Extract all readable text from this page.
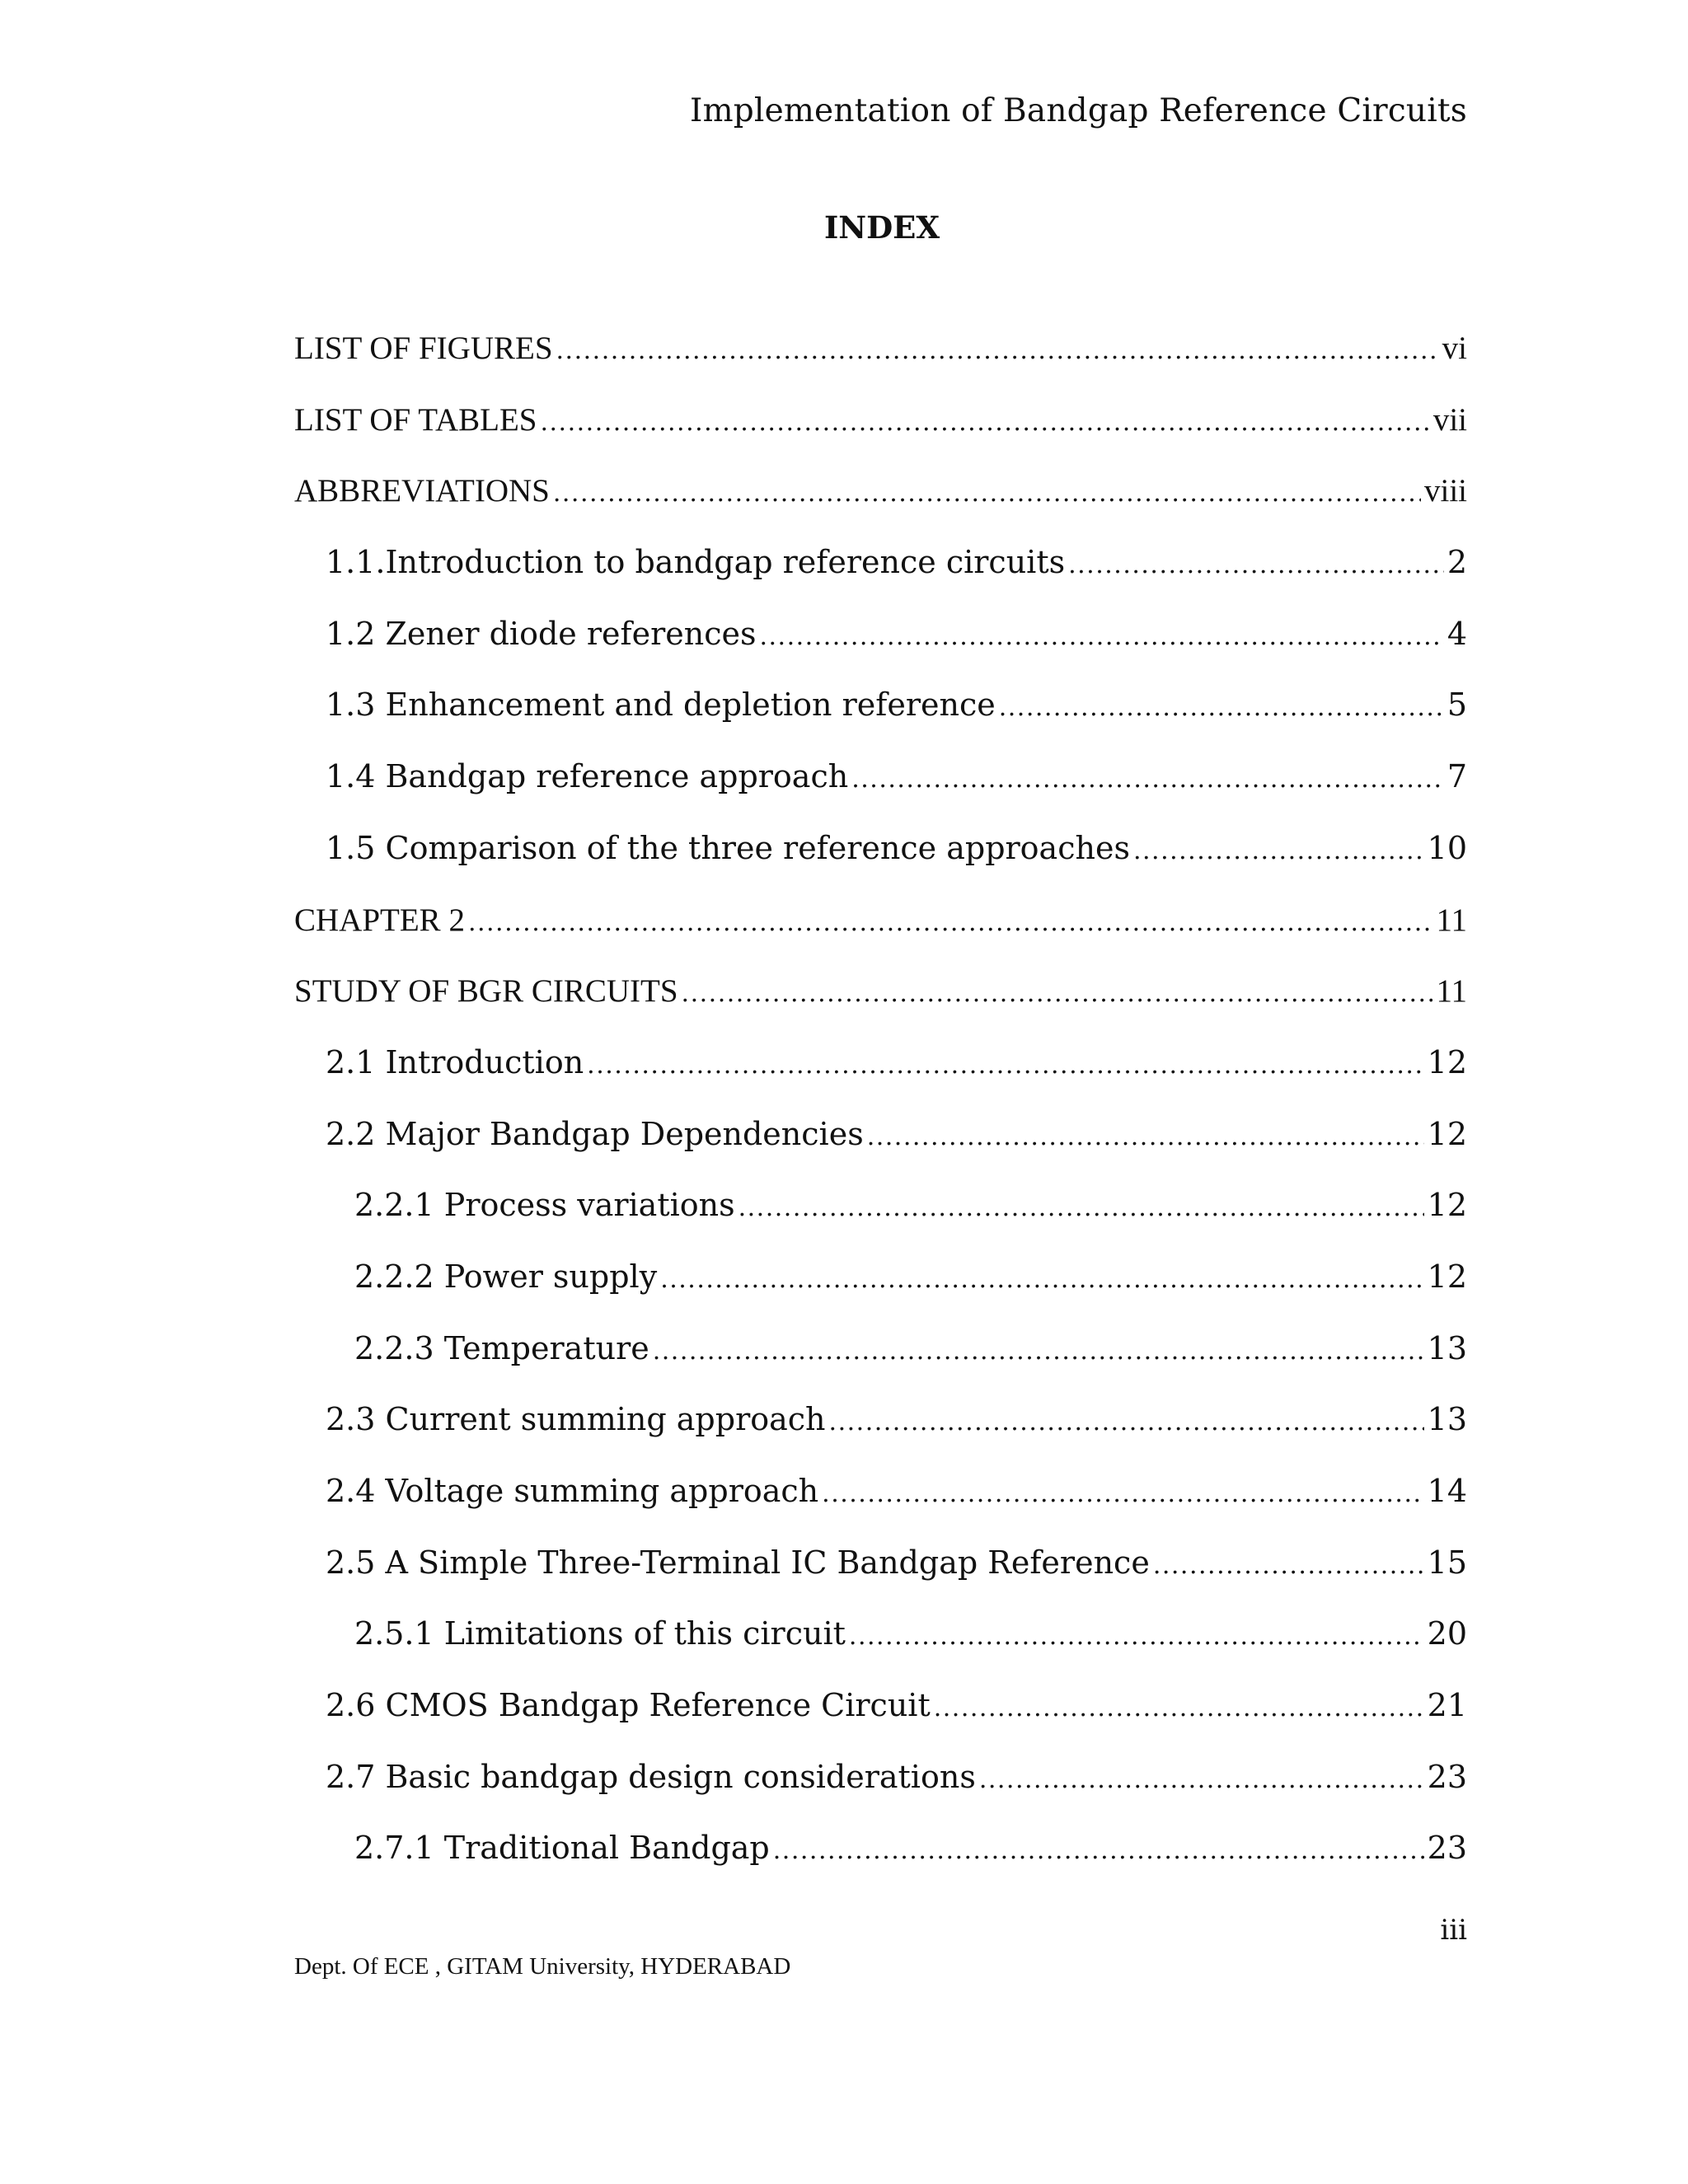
Implementation of Bandgap Reference Circuits
INDEX
LIST OF FIGURES .....	vi
LIST OF TABLES .....	vii
ABBREVIATIONS .....	viii
1.1.Introduction to bandgap reference circuits .....	2
1.2 Zener diode references .....	4
1.3 Enhancement and depletion reference .....	5
1.4 Bandgap reference approach .....	7
1.5 Comparison of the three reference approaches .....	10
CHAPTER 2 .....	11
STUDY OF BGR CIRCUITS .....	11
2.1 Introduction .....	12
2.2 Major Bandgap Dependencies .....	12
2.2.1 Process variations .....	12
2.2.2 Power supply .....	12
2.2.3 Temperature .....	13
2.3 Current summing approach .....	13
2.4 Voltage summing approach .....	14
2.5 A Simple Three-Terminal IC Bandgap Reference .....	15
2.5.1 Limitations of this circuit .....	20
2.6 CMOS Bandgap Reference Circuit .....	21
2.7 Basic bandgap design considerations .....	23
2.7.1 Traditional Bandgap .....	23
iii
Dept. Of ECE , GITAM University, HYDERABAD
